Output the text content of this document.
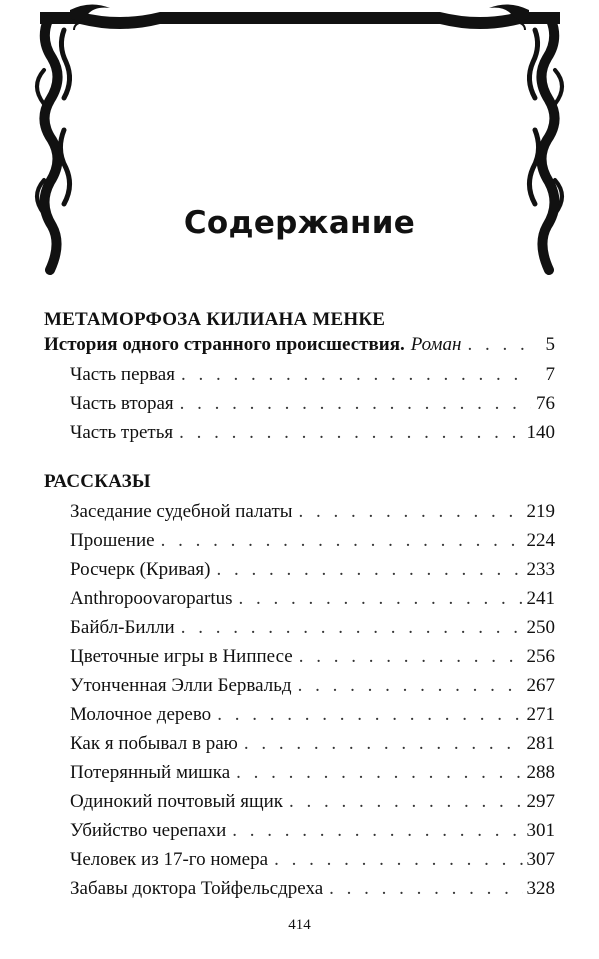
Содержание
МЕТАМОРФОЗА КИЛИАНА МЕНКЕ
История одного странного происшествия. Роман . . .	5
Часть первая . . .	7
Часть вторая . . .	76
Часть третья . . .	140
РАССКАЗЫ
Заседание судебной палаты . . .	219
Прошение . . .	224
Росчерк (Кривая) . . .	233
Anthropoovaropartus . . .	241
Байбл-Билли . . .	250
Цветочные игры в Ниппесе . . .	256
Утонченная Элли Бервальд . . .	267
Молочное дерево . . .	271
Как я побывал в раю . . .	281
Потерянный мишка . . .	288
Одинокий почтовый ящик . . .	297
Убийство черепахи . . .	301
Человек из 17-го номера . . .	307
Забавы доктора Тойфельсдреха . . .	328
414
